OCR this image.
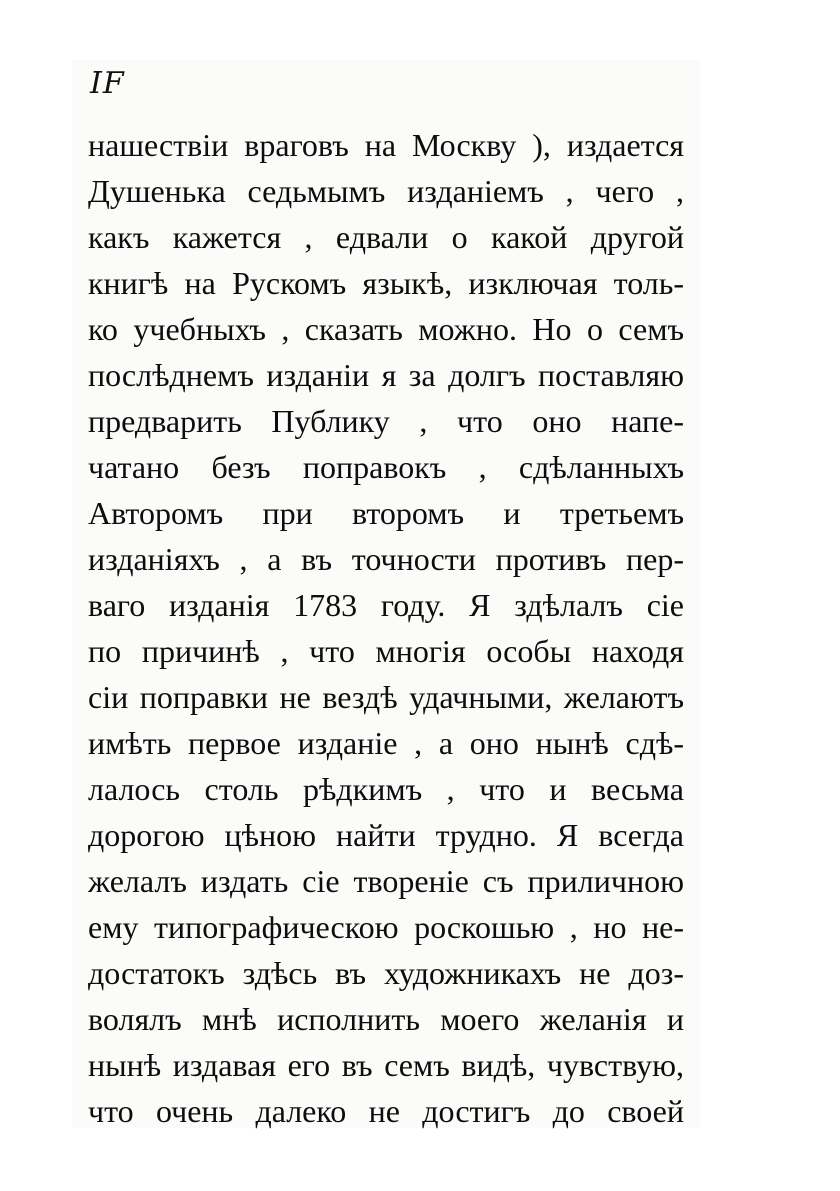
IF
нашествіи враговъ на Москву ), издается
Душенька седьмымъ изданіемъ , чего ,
какъ кажется , едвали о какой другой
книгѣ на Рускомъ языкѣ, изключая толь-
ко учебныхъ , сказать можно. Но о семъ
послѣднемъ изданіи я за долгъ поставляю
предварить Публику , что оно напе-
чатано безъ поправокъ , сдѣланныхъ
Авторомъ при второмъ и третьемъ
изданіяхъ , а въ точности противъ пер-
ваго изданія 1783 году. Я здѣлалъ сіе
по причинѣ , что многія особы находя
сіи поправки не вездѣ удачными, желаютъ
имѣть первое изданіе , а оно нынѣ сдѣ-
лалось столь рѣдкимъ , что и весьма
дорогою цѣною найти трудно. Я всегда
желалъ издать сіе твореніе съ приличною
ему типографическою роскошью , но не-
достатокъ здѣсь въ художникахъ не доз-
волялъ мнѣ исполнить моего желанія и
нынѣ издавая его въ семъ видѣ, чувствую,
что очень далеко не достигъ до своей
